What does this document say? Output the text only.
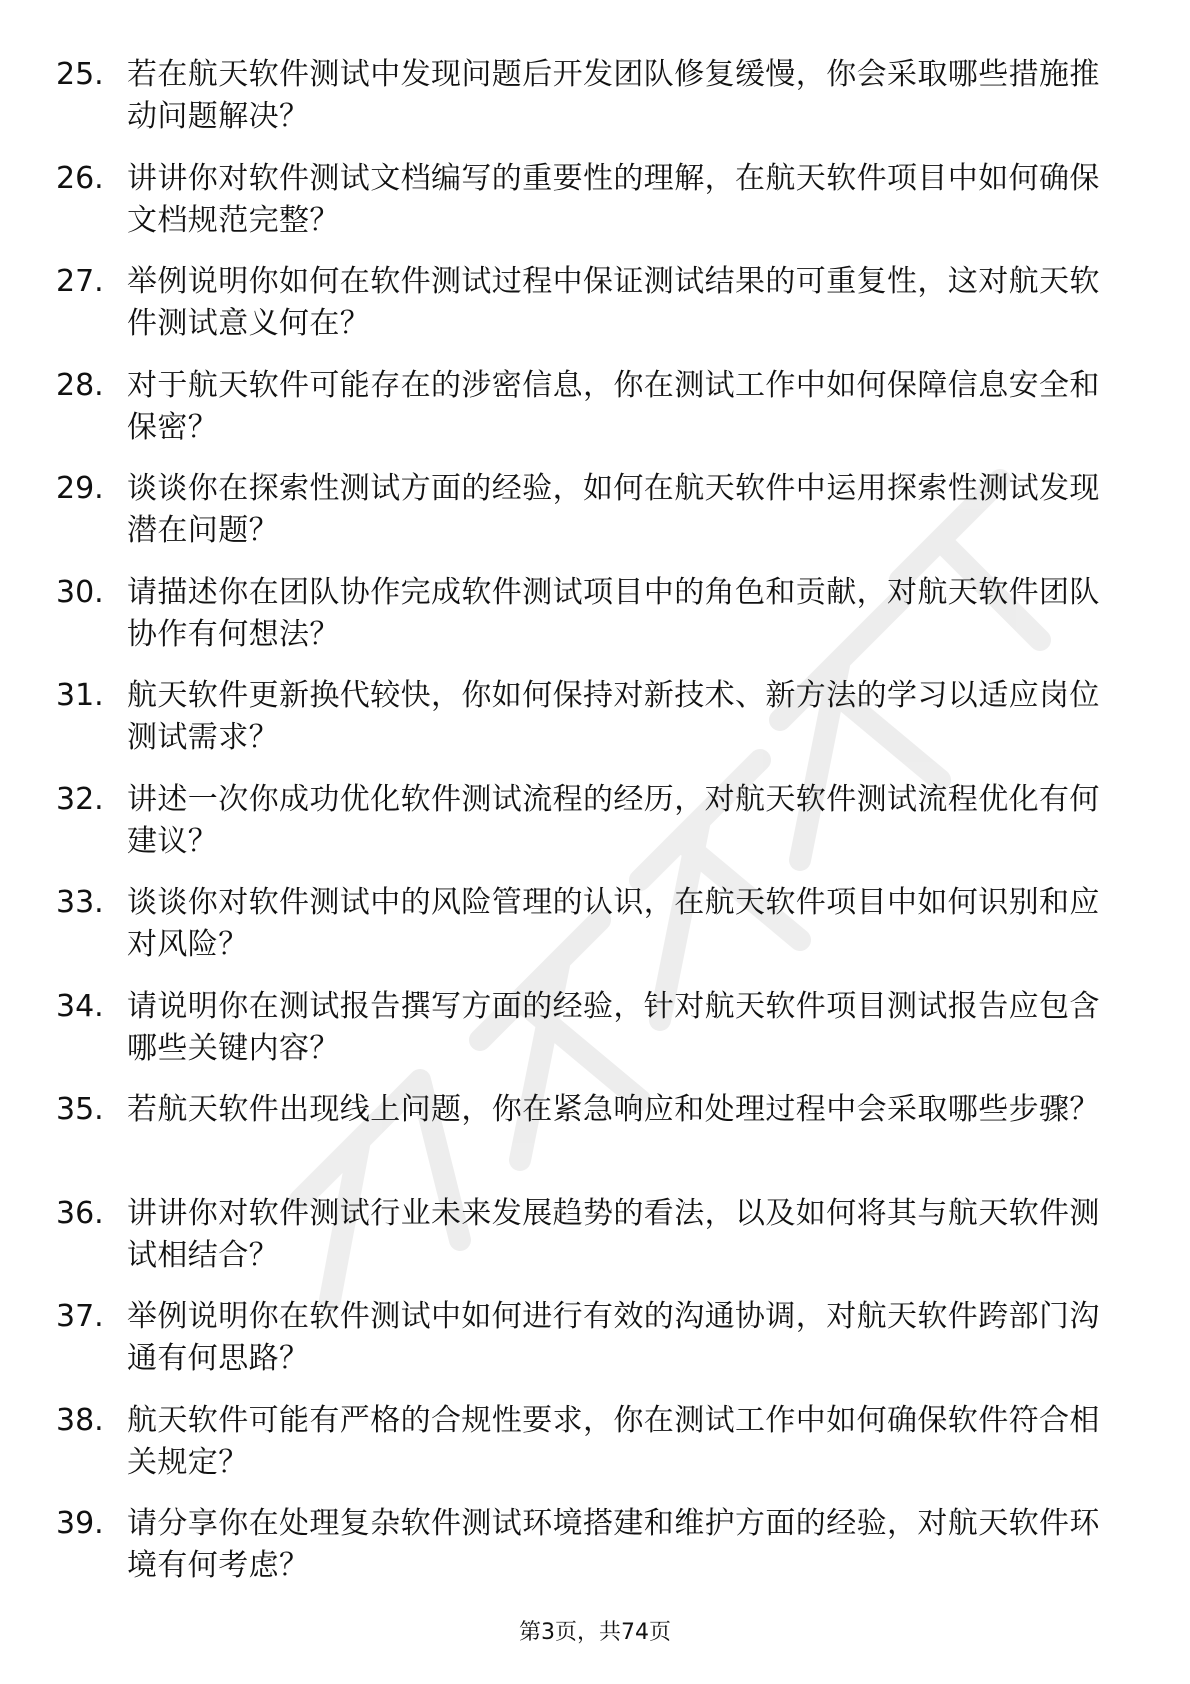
25. 若在航天软件测试中发现问题后开发团队修复缓慢，你会采取哪些措施推动问题解决？
26. 讲讲你对软件测试文档编写的重要性的理解，在航天软件项目中如何确保文档规范完整？
27. 举例说明你如何在软件测试过程中保证测试结果的可重复性，这对航天软件测试意义何在？
28. 对于航天软件可能存在的涉密信息，你在测试工作中如何保障信息安全和保密？
29. 谈谈你在探索性测试方面的经验，如何在航天软件中运用探索性测试发现潜在问题？
30. 请描述你在团队协作完成软件测试项目中的角色和贡献，对航天软件团队协作有何想法？
31. 航天软件更新换代较快，你如何保持对新技术、新方法的学习以适应岗位测试需求？
32. 讲述一次你成功优化软件测试流程的经历，对航天软件测试流程优化有何建议？
33. 谈谈你对软件测试中的风险管理的认识，在航天软件项目中如何识别和应对风险？
34. 请说明你在测试报告撰写方面的经验，针对航天软件项目测试报告应包含哪些关键内容？
35. 若航天软件出现线上问题，你在紧急响应和处理过程中会采取哪些步骤？
36. 讲讲你对软件测试行业未来发展趋势的看法，以及如何将其与航天软件测试相结合？
37. 举例说明你在软件测试中如何进行有效的沟通协调，对航天软件跨部门沟通有何思路？
38. 航天软件可能有严格的合规性要求，你在测试工作中如何确保软件符合相关规定？
39. 请分享你在处理复杂软件测试环境搭建和维护方面的经验，对航天软件环境有何考虑？
第3页，共74页
